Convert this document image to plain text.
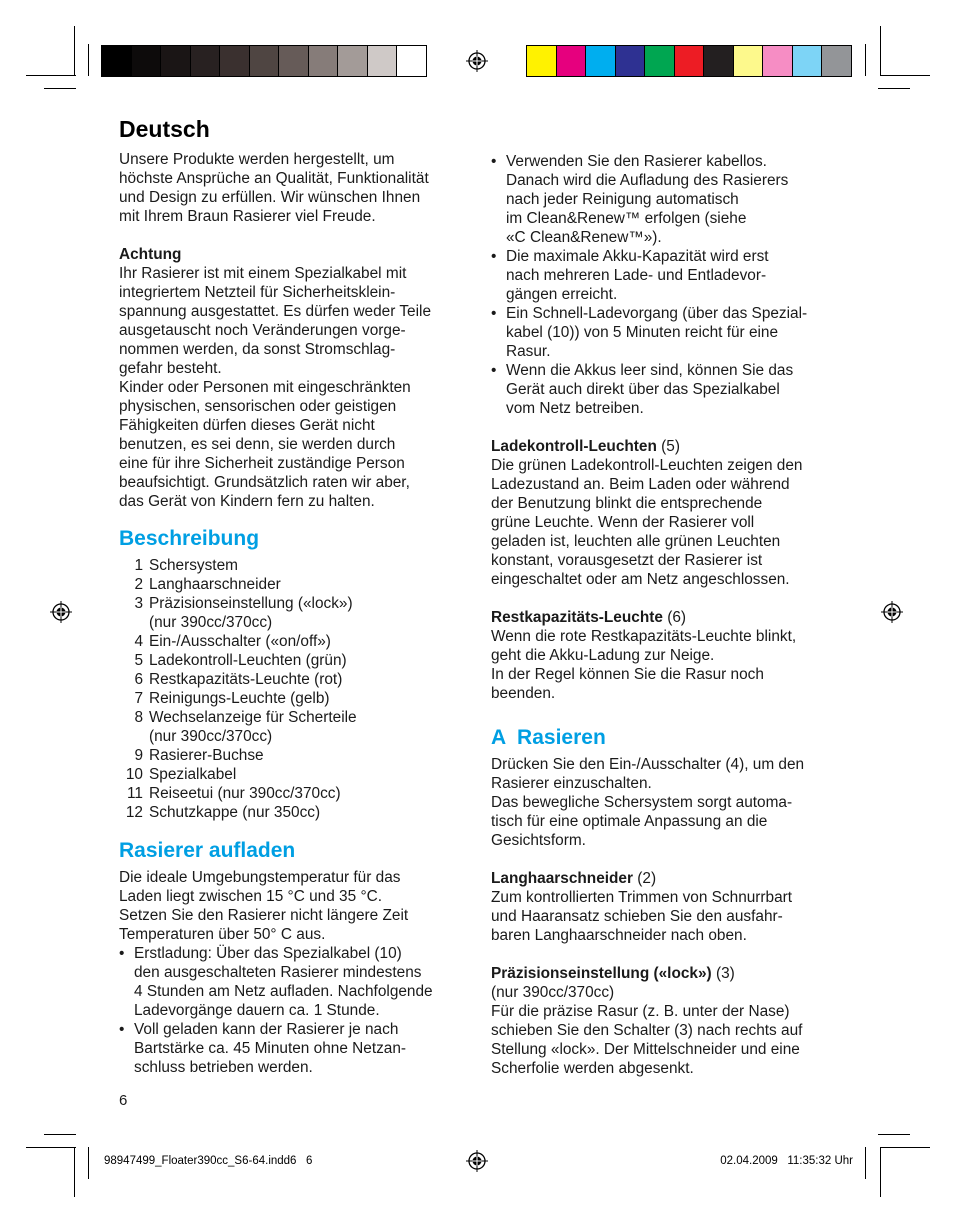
Deutsch
Unsere Produkte werden hergestellt, um
höchste Ansprüche an Qualität, Funktionalität
und Design zu erfüllen. Wir wünschen Ihnen
mit Ihrem Braun Rasierer viel Freude.
Achtung
Ihr Rasierer ist mit einem Spezialkabel mit
integriertem Netzteil für Sicherheitsklein-
spannung ausgestattet. Es dürfen weder Teile
ausgetauscht noch Veränderungen vorge-
nommen werden, da sonst Stromschlag-
gefahr besteht.
Kinder oder Personen mit eingeschränkten
physischen, sensorischen oder geistigen
Fähigkeiten dürfen dieses Gerät nicht
benutzen, es sei denn, sie werden durch
eine für ihre Sicherheit zuständige Person
beaufsichtigt. Grundsätzlich raten wir aber,
das Gerät von Kindern fern zu halten.
Beschreibung
1 Schersystem
2 Langhaarschneider
3 Präzisionseinstellung («lock»)
(nur 390cc/370cc)
4 Ein-/Ausschalter («on/off»)
5 Ladekontroll-Leuchten (grün)
6 Restkapazitäts-Leuchte (rot)
7 Reinigungs-Leuchte (gelb)
8 Wechselanzeige für Scherteile
(nur 390cc/370cc)
9 Rasierer-Buchse
10 Spezialkabel
11 Reiseetui (nur 390cc/370cc)
12 Schutzkappe (nur 350cc)
Rasierer aufladen
Die ideale Umgebungstemperatur für das
Laden liegt zwischen 15 °C und 35 °C.
Setzen Sie den Rasierer nicht längere Zeit
Temperaturen über 50° C aus.
• Erstladung: Über das Spezialkabel (10)
den ausgeschalteten Rasierer mindestens
4 Stunden am Netz aufladen. Nachfolgende
Ladevorgänge dauern ca. 1 Stunde.
• Voll geladen kann der Rasierer je nach
Bartstärke ca. 45 Minuten ohne Netzan-
schluss betrieben werden.
• Verwenden Sie den Rasierer kabellos.
Danach wird die Aufladung des Rasierers
nach jeder Reinigung automatisch
im Clean&Renew™ erfolgen (siehe
«C Clean&Renew™»).
• Die maximale Akku-Kapazität wird erst
nach mehreren Lade- und Entladevor-
gängen erreicht.
• Ein Schnell-Ladevorgang (über das Spezial-
kabel (10)) von 5 Minuten reicht für eine
Rasur.
• Wenn die Akkus leer sind, können Sie das
Gerät auch direkt über das Spezialkabel
vom Netz betreiben.
Ladekontroll-Leuchten (5)
Die grünen Ladekontroll-Leuchten zeigen den
Ladezustand an. Beim Laden oder während
der Benutzung blinkt die entsprechende
grüne Leuchte. Wenn der Rasierer voll
geladen ist, leuchten alle grünen Leuchten
konstant, vorausgesetzt der Rasierer ist
eingeschaltet oder am Netz angeschlossen.
Restkapazitäts-Leuchte (6)
Wenn die rote Restkapazitäts-Leuchte blinkt,
geht die Akku-Ladung zur Neige.
In der Regel können Sie die Rasur noch
beenden.
A  Rasieren
Drücken Sie den Ein-/Ausschalter (4), um den
Rasierer einzuschalten.
Das bewegliche Schersystem sorgt automa-
tisch für eine optimale Anpassung an die
Gesichtsform.
Langhaarschneider (2)
Zum kontrollierten Trimmen von Schnurrbart
und Haaransatz schieben Sie den ausfahr-
baren Langhaarschneider nach oben.
Präzisionseinstellung («lock») (3)
(nur 390cc/370cc)
Für die präzise Rasur (z. B. unter der Nase)
schieben Sie den Schalter (3) nach rechts auf
Stellung «lock». Der Mittelschneider und eine
Scherfolie werden abgesenkt.
6
98947499_Floater390cc_S6-64.indd6   6	02.04.2009   11:35:32 Uhr
